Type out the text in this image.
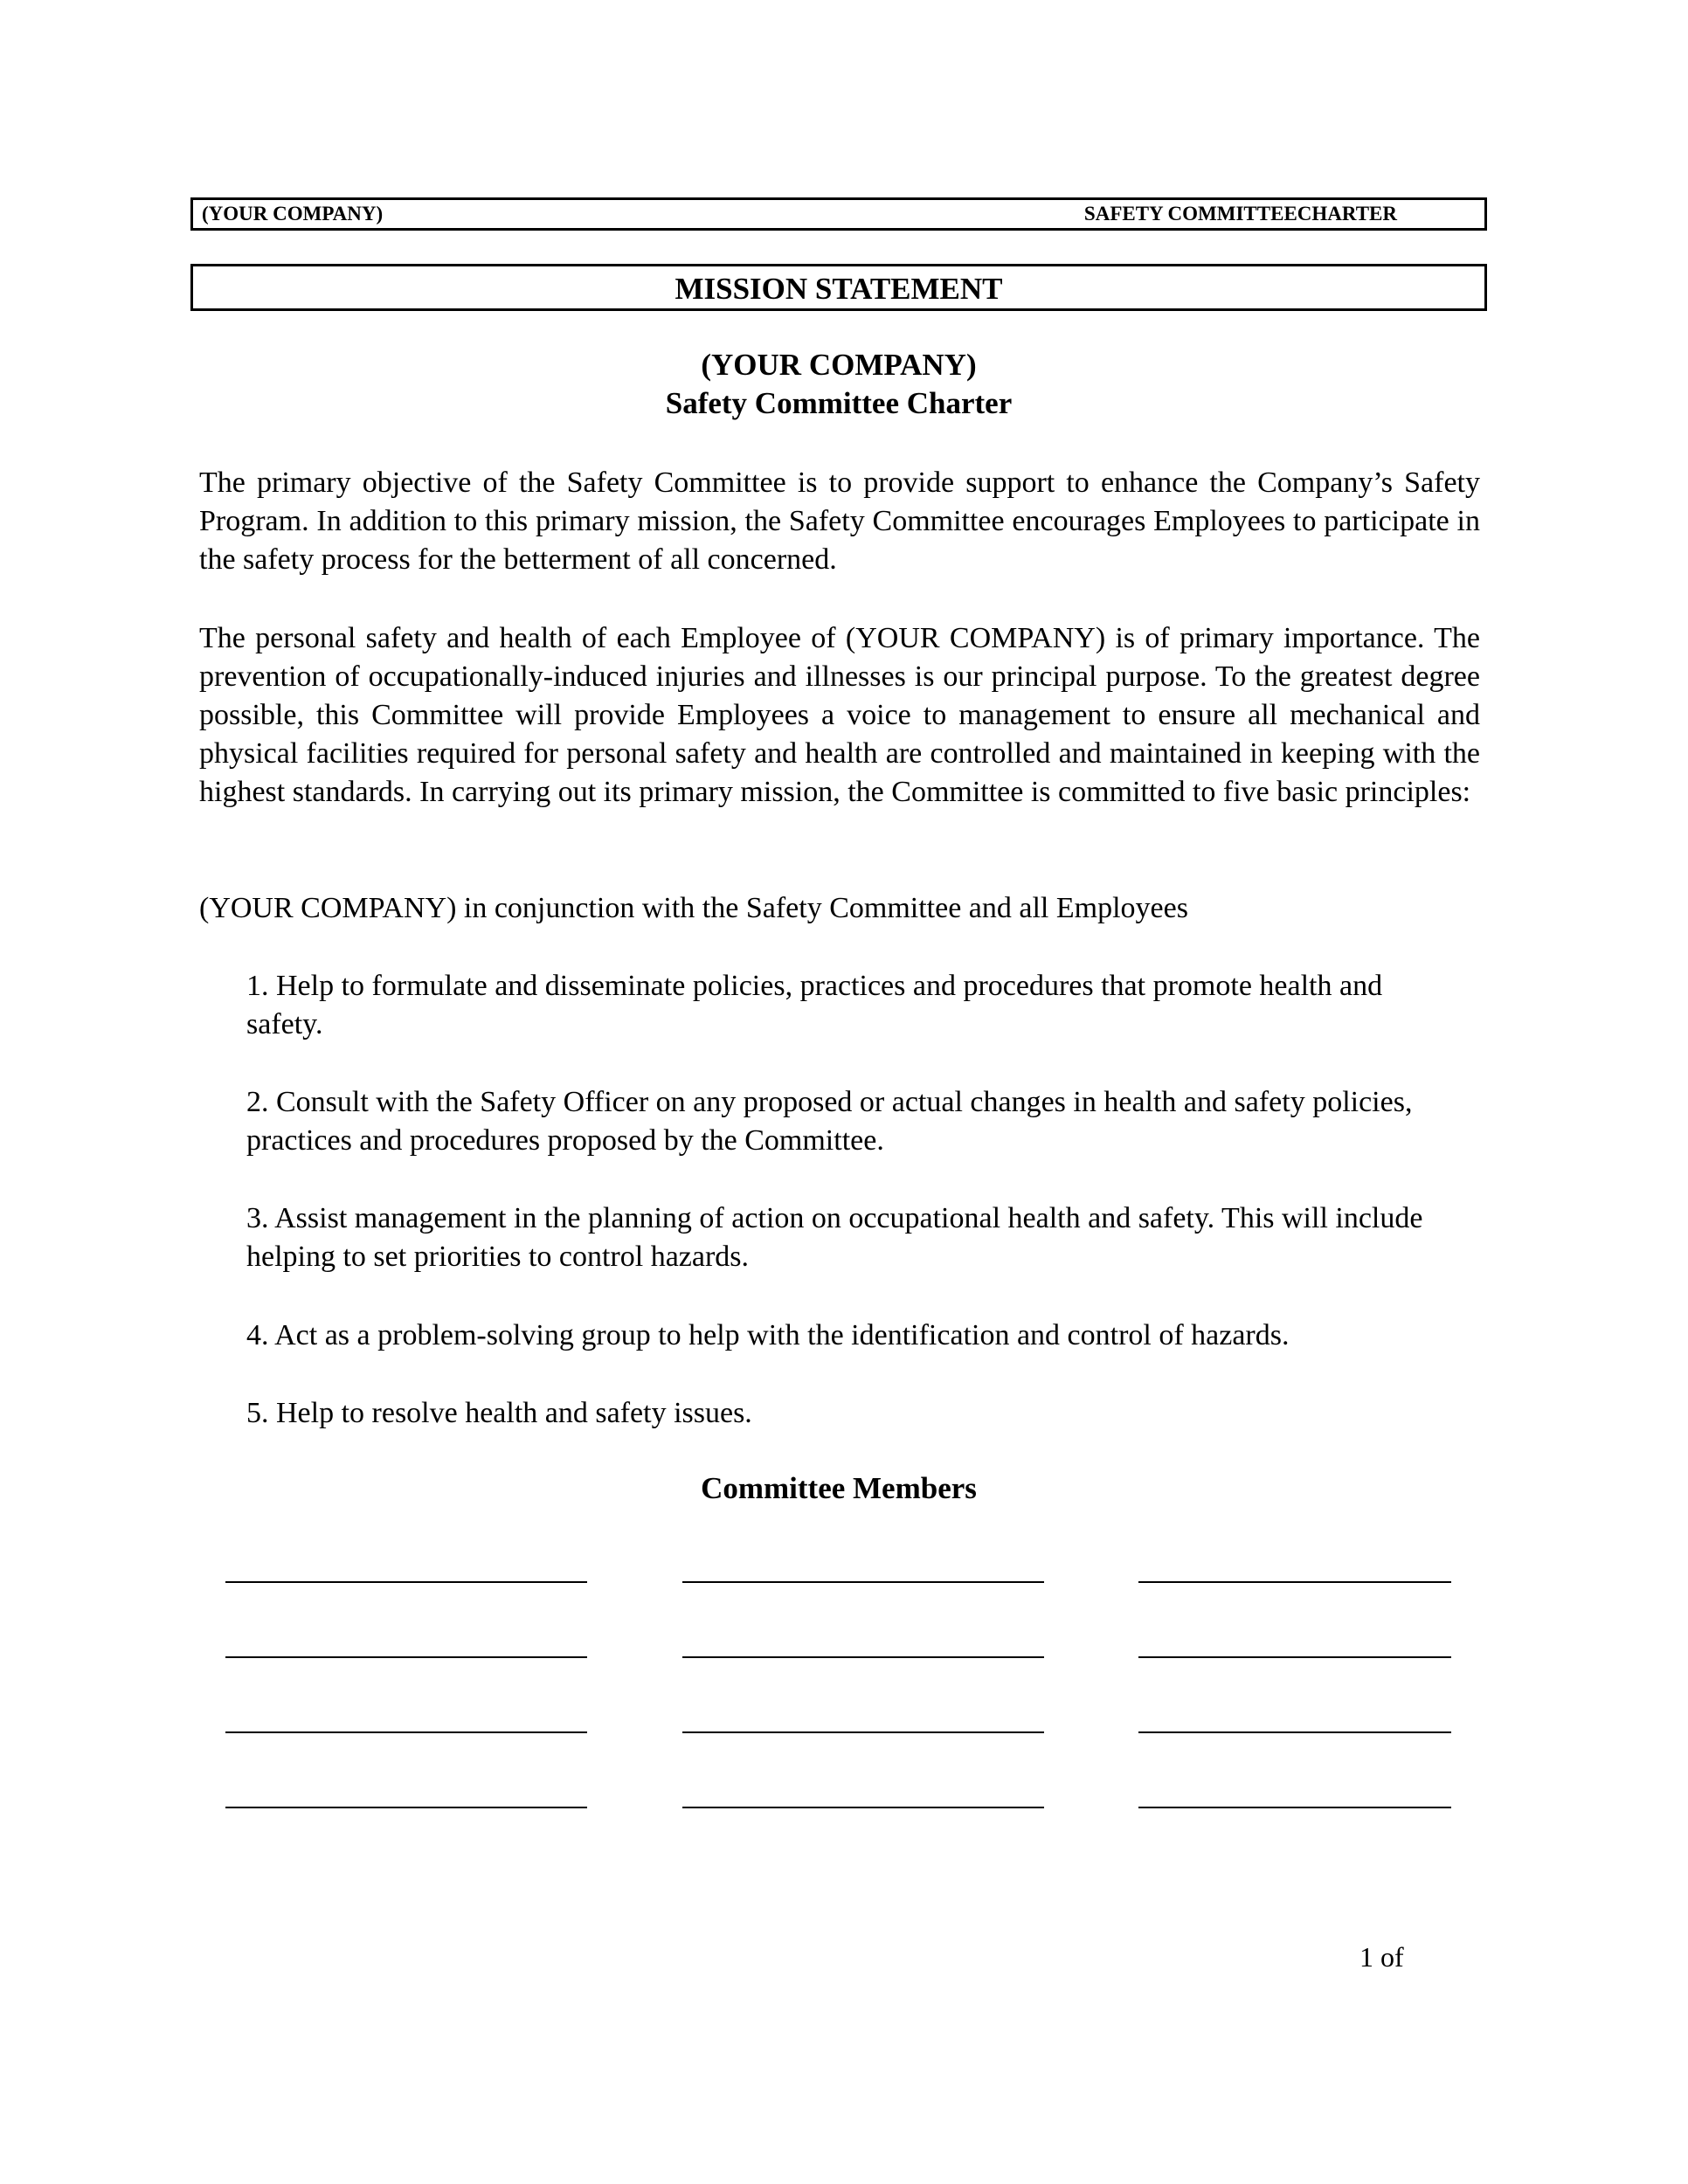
(YOUR COMPANY)	SAFETY COMMITTEECHARTER
MISSION STATEMENT
(YOUR COMPANY)
Safety Committee Charter
The primary objective of the Safety Committee is to provide support to enhance the Company’s Safety Program. In addition to this primary mission, the Safety Committee encourages Employees to participate in the safety process for the betterment of all concerned.
The personal safety and health of each Employee of (YOUR COMPANY) is of primary importance. The prevention of occupationally-induced injuries and illnesses is our principal purpose. To the greatest degree possible, this Committee will provide Employees a voice to management to ensure all mechanical and physical facilities required for personal safety and health are controlled and maintained in keeping with the highest standards. In carrying out its primary mission, the Committee is committed to five basic principles:
(YOUR COMPANY) in conjunction with the Safety Committee and all Employees
1. Help to formulate and disseminate policies, practices and procedures that promote health and safety.
2. Consult with the Safety Officer on any proposed or actual changes in health and safety policies, practices and procedures proposed by the Committee.
3. Assist management in the planning of action on occupational health and safety. This will include helping to set priorities to control hazards.
4. Act as a problem-solving group to help with the identification and control of hazards.
5. Help to resolve health and safety issues.
Committee Members
1 of
